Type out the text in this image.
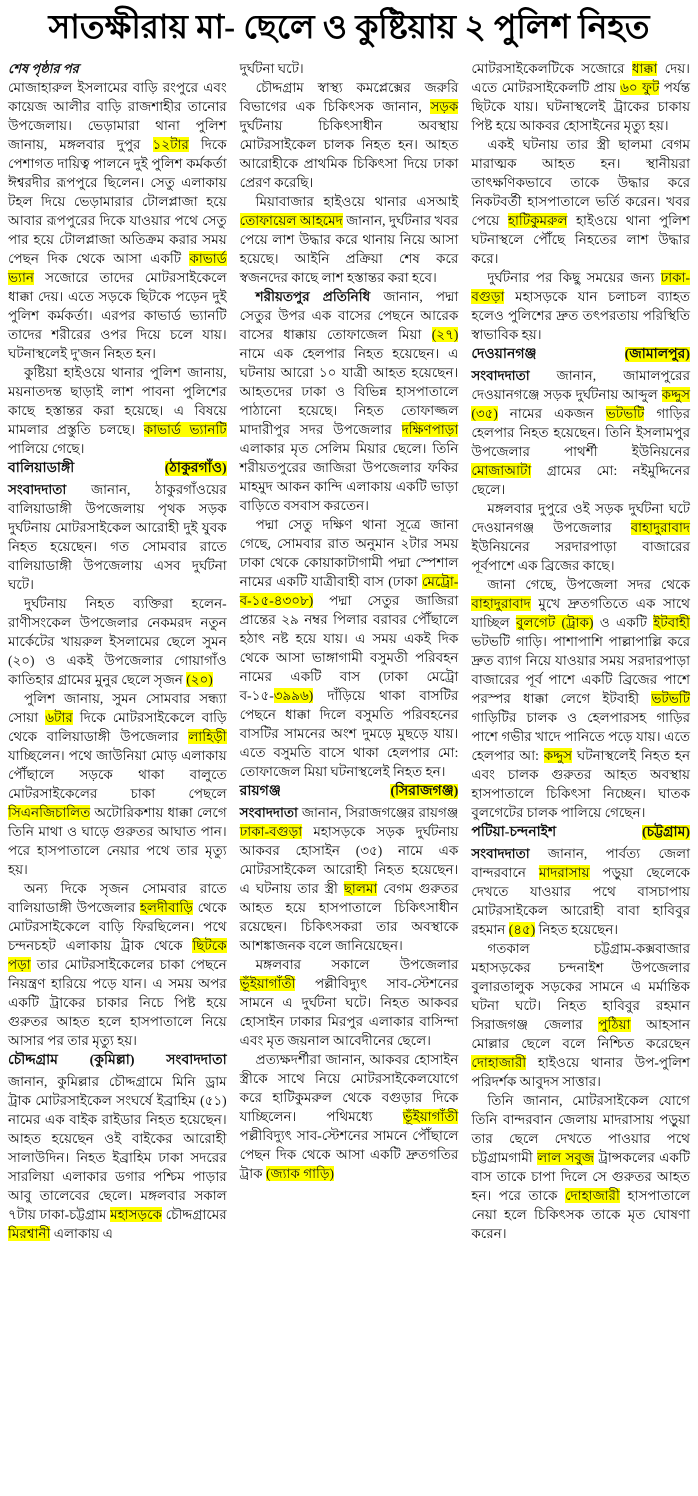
সাতক্ষীরায় মা- ছেলে ও কুষ্টিয়ায় ২ পুলিশ নিহত

শেষ পৃষ্ঠার পর

মোজাহারুল ইসলামের বাড়ি রংপুরে এবং কায়েজ আলীর বাড়ি রাজশাহীর তানোর উপজেলায়। ভেড়ামারা থানা পুলিশ জানায়, মঙ্গলবার দুপুর ১২টার দিকে পেশাগত দায়িত্ব পালনে দুই পুলিশ কর্মকর্তা ঈশ্বরদীর রূপপুরে ছিলেন। সেতু এলাকায় টহল দিয়ে ভেড়ামারার টোলপ্লাজা হয়ে আবার রূপপুরের দিকে যাওয়ার পথে সেতু পার হয়ে টোলপ্লাজা অতিক্রম করার সময় পেছন দিক থেকে আসা একটি কাভার্ড ভ্যান সজোরে তাদের মোটরসাইকেলে ধাক্কা দেয়। এতে সড়কে ছিটকে পড়েন দুই পুলিশ কর্মকর্তা। এরপর কাভার্ড ভ্যানটি তাদের শরীরের ওপর দিয়ে চলে যায়। ঘটনাস্থলেই দু'জন নিহত হন।

কুষ্টিয়া হাইওয়ে থানার পুলিশ জানায়, ময়নাতদন্ত ছাড়াই লাশ পাবনা পুলিশের কাছে হস্তান্তর করা হয়েছে। এ বিষয়ে মামলার প্রস্তুতি চলছে। কাভার্ড ভ্যানটি পালিয়ে গেছে।

বালিয়াডাঙ্গী	(ঠাকুরগাঁও)

সংবাদদাতা জানান, ঠাকুরগাঁওয়ের বালিয়াডাঙ্গী উপজেলায় পৃথক সড়ক দুর্ঘটনায় মোটরসাইকেল আরোহী দুই যুবক নিহত হয়েছেন। গত সোমবার রাতে বালিয়াডাঙ্গী উপজেলায় এসব দুর্ঘটনা ঘটে।

দুর্ঘটনায় নিহত ব্যক্তিরা হলেন- রাণীসংকেল উপজেলার নেকমরদ নতুন মার্কেটের খায়রুল ইসলামের ছেলে সুমন (২০) ও একই উপজেলার গোয়াগাঁও কাতিহার গ্রামের মুনুর ছেলে সৃজন (২০)

পুলিশ জানায়, সুমন সোমবার সন্ধ্যা সোয়া ৬টার দিকে মোটরসাইকেলে বাড়ি থেকে বালিয়াডাঙ্গী উপজেলার লাহিড়ী যাচ্ছিলেন। পথে জাউনিয়া মোড় এলাকায় পৌঁছালে সড়কে থাকা বালুতে মোটরসাইকেলের চাকা পেছলে সিএনজিচালিত অটোরিকশায় ধাক্কা লেগে তিনি মাথা ও ঘাড়ে গুরুতর আঘাত পান। পরে হাসপাতালে নেয়ার পথে তার মৃত্যু হয়।

অন্য দিকে সৃজন সোমবার রাতে বালিয়াডাঙ্গী উপজেলার হলদীবাড়ি থেকে মোটরসাইকেলে বাড়ি ফিরছিলেন। পথে চন্দনচহট এলাকায় ট্রাক থেকে ছিটকে পড়া তার মোটরসাইকেলের চাকা পেছনে নিয়ন্ত্রণ হারিয়ে পড়ে যান। এ সময় অপর একটি ট্রাকের চাকার নিচে পিষ্ট হয়ে গুরুতর আহত হলে হাসপাতালে নিয়ে আসার পর তার মৃত্যু হয়।

চৌদ্দগ্রাম (কুমিল্লা) সংবাদদাতা

জানান, কুমিল্লার চৌদ্দগ্রামে মিনি ড্রাম ট্রাক মোটরসাইকেল সংঘর্ষে ইব্রাহিম (৫১) নামের এক বাইক রাইডার নিহত হয়েছেন। আহত হয়েছেন ওই বাইকের আরোহী সালাউদিন। নিহত ইব্রাহিম ঢাকা সদরের সারলিয়া এলাকার ডগার পশ্চিম পাড়ার আবু তালেবের ছেলে। মঙ্গলবার সকাল ৭টায় ঢাকা-চট্টগ্রাম মহাসড়কে চৌদ্দগ্রামের মিরশ্বানী এলাকায় এ

দুর্ঘটনা ঘটে।

চৌদ্দগ্রাম স্বাস্থ্য কমপ্লেক্সের জরুরি বিভাগের এক চিকিৎসক জানান, সড়ক দুর্ঘটনায় চিকিৎসাধীন অবস্থায় মোটরসাইকেল চালক নিহত হন। আহত আরোহীকে প্রাথমিক চিকিৎসা দিয়ে ঢাকা প্রেরণ করেছি।

মিয়াবাজার হাইওয়ে থানার এসআই তোফায়েল আহমেদ জানান, দুর্ঘটনার খবর পেয়ে লাশ উদ্ধার করে থানায় নিয়ে আসা হয়েছে। আইনি প্রক্রিয়া শেষ করে স্বজনদের কাছে লাশ হস্তান্তর করা হবে।

শরীয়তপুর প্রতিনিধি জানান, পদ্মা সেতুর উপর এক বাসের পেছনে আরেক বাসের ধাক্কায় তোফাজেল মিয়া (২৭) নামে এক হেলপার নিহত হয়েছেন। এ ঘটনায় আরো ১০ যাত্রী আহত হয়েছেন। আহতদের ঢাকা ও বিভিন্ন হাসপাতালে পাঠানো হয়েছে। নিহত তোফাজ্জল মাদারীপুর সদর উপজেলার দক্ষিণপাড়া এলাকার মৃত সেলিম মিয়ার ছেলে। তিনি শরীয়তপুরের জাজিরা উপজেলার ফকির মাহমুদ আকন কান্দি এলাকায় একটি ভাড়া বাড়িতে বসবাস করতেন।

পদ্মা সেতু দক্ষিণ থানা সূত্রে জানা গেছে, সোমবার রাত অনুমান ২টার সময় ঢাকা থেকে কোয়াকাটাগামী পদ্মা স্পেশাল নামের একটি যাত্রীবাহী বাস (ঢাকা মেট্রো-ব-১৫-৪৩০৮) পদ্মা সেতুর জাজিরা প্রান্তের ২৯ নম্বর পিলার বরাবর পৌঁছালে হঠাৎ নষ্ট হয়ে যায়। এ সময় একই দিক থেকে আসা ভাঙ্গাগামী বসুমতী পরিবহন নামের একটি বাস (ঢাকা মেট্রো ব-১৫-৩৯৯৬) দাঁড়িয়ে থাকা বাসটির পেছনে ধাক্কা দিলে বসুমতি পরিবহনের বাসটির সামনের অংশ দুমড়ে মুছড়ে যায়। এতে বসুমতি বাসে থাকা হেলপার মো: তোফাজেল মিয়া ঘটনাস্থলেই নিহত হন।

রায়গঞ্জ	(সিরাজগঞ্জ)

সংবাদদাতা জানান, সিরাজগঞ্জের রায়গঞ্জ ঢাকা-বগুড়া মহাসড়কে সড়ক দুর্ঘটনায় আকবর হোসাইন (৩৫) নামে এক মোটরসাইকেল আরোহী নিহত হয়েছেন। এ ঘটনায় তার স্ত্রী ছালমা বেগম গুরুতর আহত হয়ে হাসপাতালে চিকিৎসাধীন রয়েছেন। চিকিৎসকরা তার অবস্থাকে আশঙ্কাজনক বলে জানিয়েছেন।

মঙ্গলবার সকালে উপজেলার ভূঁইয়াগাঁতী পল্লীবিদ্যুৎ সাব-স্টেশনের সামনে এ দুর্ঘটনা ঘটে। নিহত আকবর হোসাইন ঢাকার মিরপুর এলাকার বাসিন্দা এবং মৃত জয়নাল আবেদীনের ছেলে।

প্রত্যক্ষদর্শীরা জানান, আকবর হোসাইন স্ত্রীকে সাথে নিয়ে মোটরসাইকেলযোগে করে হাটিকুমরুল থেকে বগুড়ার দিকে যাচ্ছিলেন। পথিমধ্যে ভূঁইয়াগাঁতী পল্লীবিদ্যুৎ সাব-স্টেশনের সামনে পৌঁছালে পেছন দিক থেকে আসা একটি দ্রুতগতির ট্রাক (জ্যাক গাড়ি)

মোটরসাইকেলটিকে সজোরে ধাক্কা দেয়। এতে মোটরসাইকেলটি প্রায় ৬০ ফুট পর্যন্ত ছিটকে যায়। ঘটনাস্থলেই ট্রাকের চাকায় পিষ্ট হয়ে আকবর হোসাইনের মৃত্যু হয়।

একই ঘটনায় তার স্ত্রী ছালমা বেগম মারাত্মক আহত হন। স্থানীয়রা তাৎক্ষণিকভাবে তাকে উদ্ধার করে নিকটবর্তী হাসপাতালে ভর্তি করেন। খবর পেয়ে হাটিকুমরুল হাইওয়ে থানা পুলিশ ঘটনাস্থলে পৌঁছে নিহতের লাশ উদ্ধার করে।

দুর্ঘটনার পর কিছু সময়ের জন্য ঢাকা-বগুড়া মহাসড়কে যান চলাচল ব্যাহত হলেও পুলিশের দ্রুত তৎপরতায় পরিস্থিতি স্বাভাবিক হয়।

দেওয়ানগঞ্জ	(জামালপুর)

সংবাদদাতা জানান, জামালপুরের দেওয়ানগঞ্জে সড়ক দুর্ঘটনায় আব্দুল কদ্দুস (৩৫) নামের একজন ভটভটি গাড়ির হেলপার নিহত হয়েছেন। তিনি ইসলামপুর উপজেলার পাথর্শী ইউনিয়নের মোজাআটা গ্রামের মো: নইমুদ্দিনের ছেলে।

মঙ্গলবার দুপুরে ওই সড়ক দুর্ঘটনা ঘটে দেওয়ানগঞ্জ উপজেলার বাহাদুরাবাদ ইউনিয়নের সরদারপাড়া বাজারের পূর্বপাশে এক ব্রিজের কাছে।

জানা গেছে, উপজেলা সদর থেকে বাহাদুরাবাদ মুখে দ্রুতগতিতে এক সাথে যাচ্ছিল বুলগেট (ট্রাক) ও একটি ইটবাহী ভটভটি গাড়ি। পাশাপাশি পাল্লাপাল্লি করে দ্রুত ব্যাগ নিয়ে যাওয়ার সময় সরদারপাড়া বাজারের পূর্ব পাশে একটি ব্রিজের পাশে পরস্পর ধাক্কা লেগে ইটবাহী ভটভটি গাড়িটির চালক ও হেলপারসহ গাড়ির পাশে গভীর খাদে পানিতে পড়ে যায়। এতে হেলপার আ: কদ্দুস ঘটনাস্থলেই নিহত হন এবং চালক গুরুতর আহত অবস্থায় হাসপাতালে চিকিৎসা নিচ্ছেন। ঘাতক বুলগেটের চালক পালিয়ে গেছেন।

পটিয়া-চন্দনাইশ	(চট্টগ্রাম)

সংবাদদাতা জানান, পার্বত্য জেলা বান্দরবানে মাদরাসায় পড়ুয়া ছেলেকে দেখতে যাওয়ার পথে বাসচাপায় মোটরসাইকেল আরোহী বাবা হাবিবুর রহমান (৪৫) নিহত হয়েছেন।

গতকাল চট্টগ্রাম-কক্সবাজার মহাসড়কের চন্দনাইশ উপজেলার বুলারতালুক সড়কের সামনে এ মর্মান্তিক ঘটনা ঘটে। নিহত হাবিবুর রহমান সিরাজগঞ্জ জেলার পুঠিয়া আহসান মোল্লার ছেলে বলে নিশ্চিত করেছেন দোহাজারী হাইওয়ে থানার উপ-পুলিশ পরিদর্শক আবুদস সাত্তার।

তিনি জানান, মোটরসাইকেল যোগে তিনি বান্দরবান জেলায় মাদরাসায় পড়ুয়া তার ছেলে দেখতে পাওয়ার পথে চট্টগ্রামগামী লাল সবুজ ট্রান্সকলের একটি বাস তাকে চাপা দিলে সে গুরুতর আহত হন। পরে তাকে দোহাজারী হাসপাতালে নেয়া হলে চিকিৎসক তাকে মৃত ঘোষণা করেন।
